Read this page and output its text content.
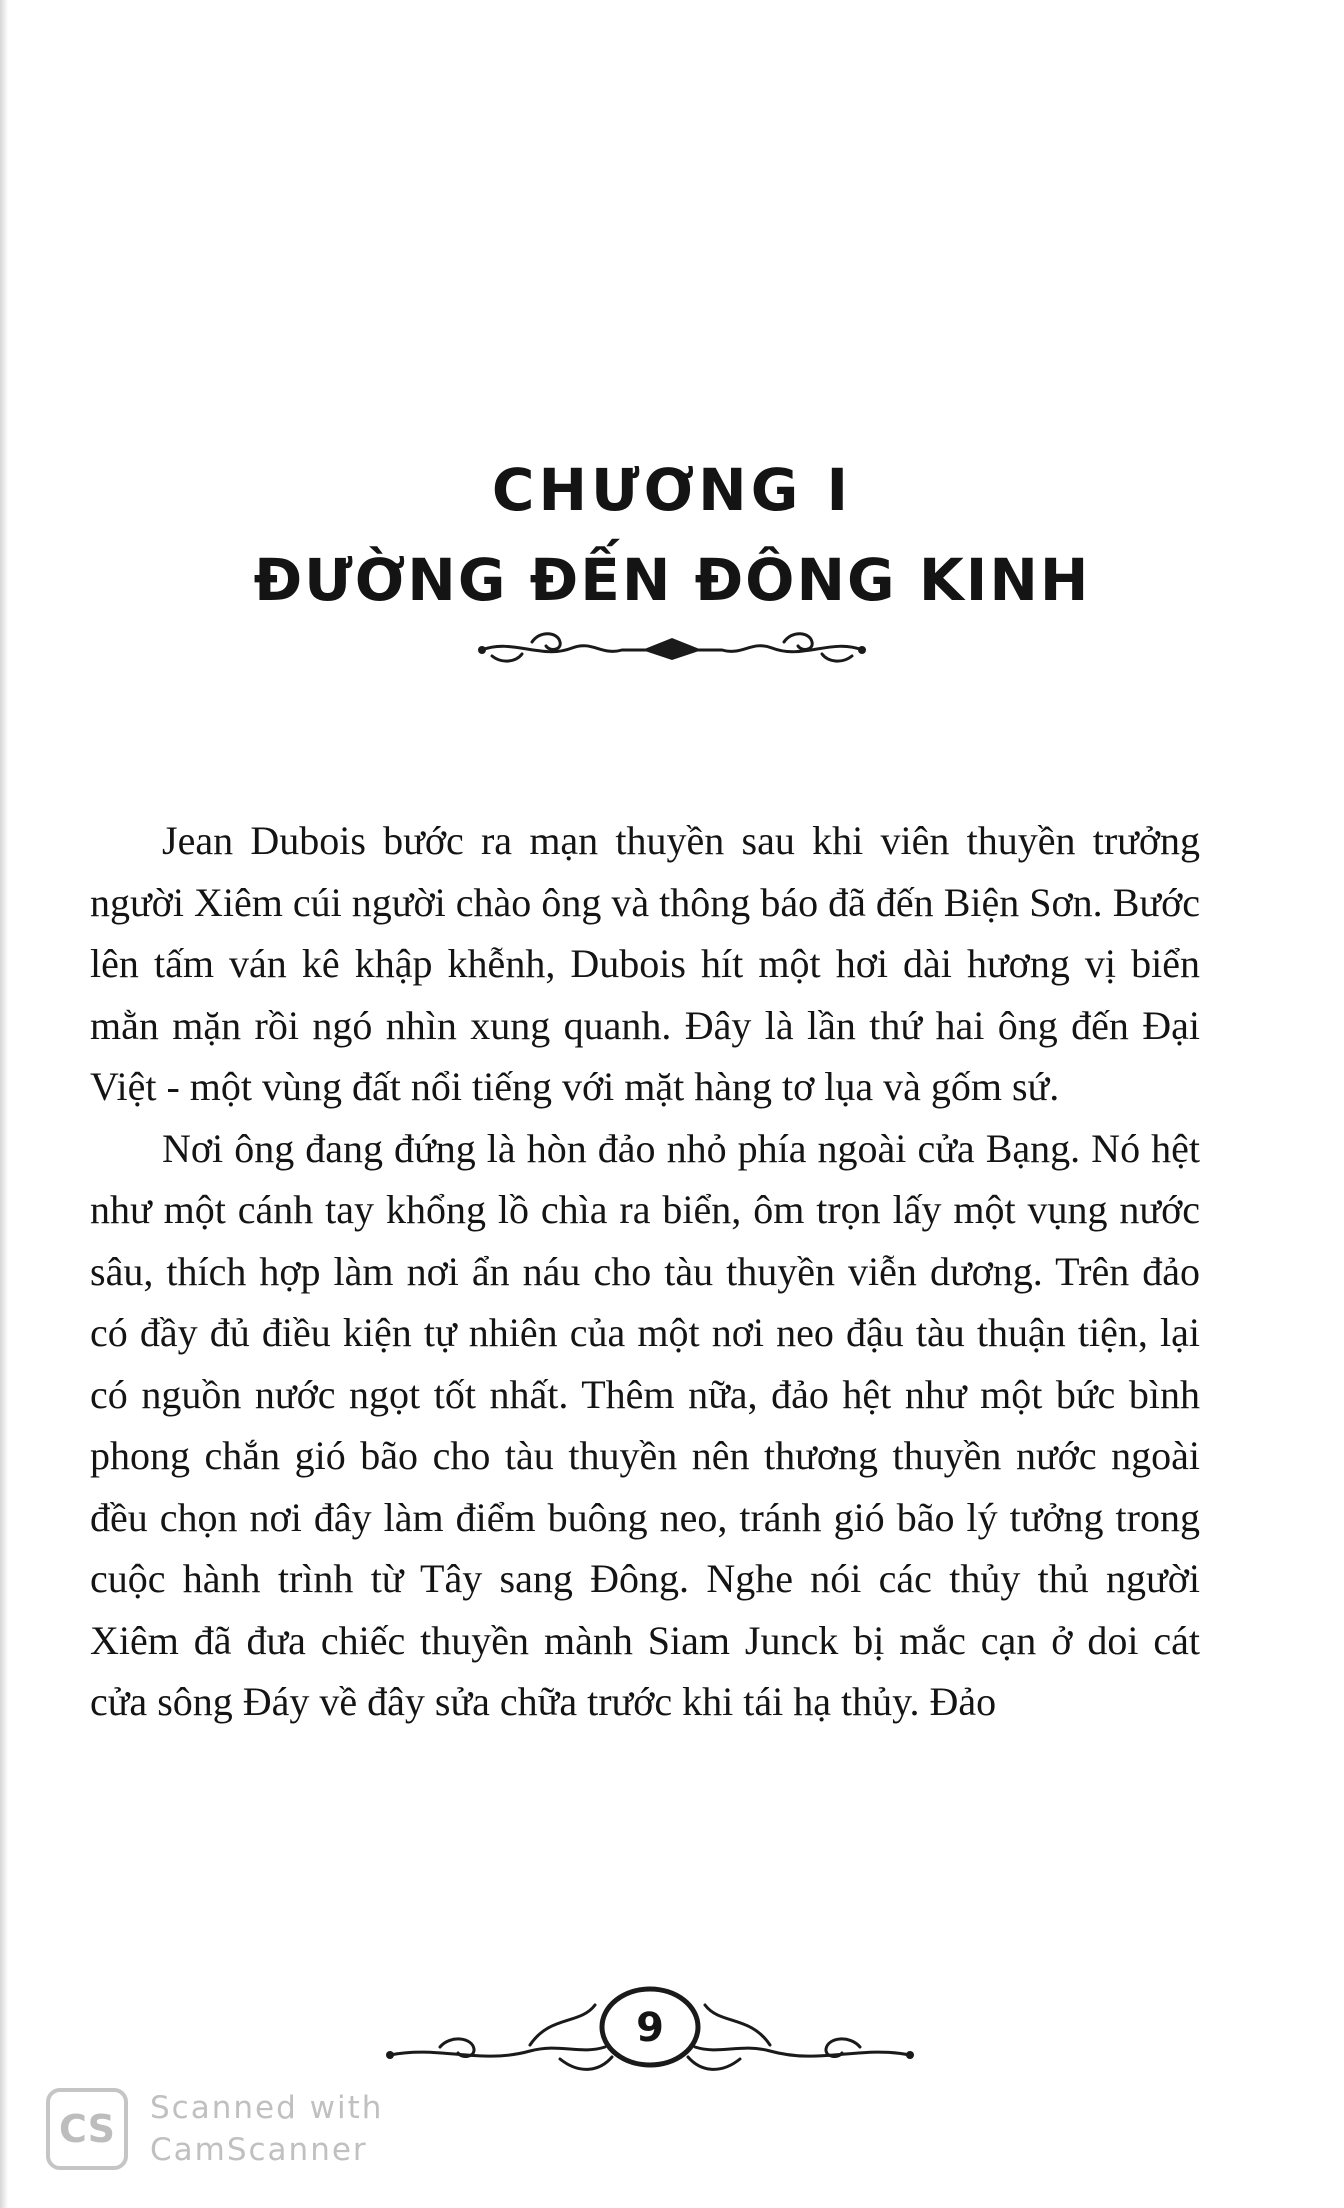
CHƯƠNG I
ĐƯỜNG ĐẾN ĐÔNG KINH

Jean Dubois bước ra mạn thuyền sau khi viên thuyền trưởng người Xiêm cúi người chào ông và thông báo đã đến Biện Sơn. Bước lên tấm ván kê khập khễnh, Dubois hít một hơi dài hương vị biển mằn mặn rồi ngó nhìn xung quanh. Đây là lần thứ hai ông đến Đại Việt - một vùng đất nổi tiếng với mặt hàng tơ lụa và gốm sứ.

Nơi ông đang đứng là hòn đảo nhỏ phía ngoài cửa Bạng. Nó hệt như một cánh tay khổng lồ chìa ra biển, ôm trọn lấy một vụng nước sâu, thích hợp làm nơi ẩn náu cho tàu thuyền viễn dương. Trên đảo có đầy đủ điều kiện tự nhiên của một nơi neo đậu tàu thuận tiện, lại có nguồn nước ngọt tốt nhất. Thêm nữa, đảo hệt như một bức bình phong chắn gió bão cho tàu thuyền nên thương thuyền nước ngoài đều chọn nơi đây làm điểm buông neo, tránh gió bão lý tưởng trong cuộc hành trình từ Tây sang Đông. Nghe nói các thủy thủ người Xiêm đã đưa chiếc thuyền mành Siam Junck bị mắc cạn ở doi cát cửa sông Đáy về đây sửa chữa trước khi tái hạ thủy. Đảo

9
CS	Scanned with
CamScanner
